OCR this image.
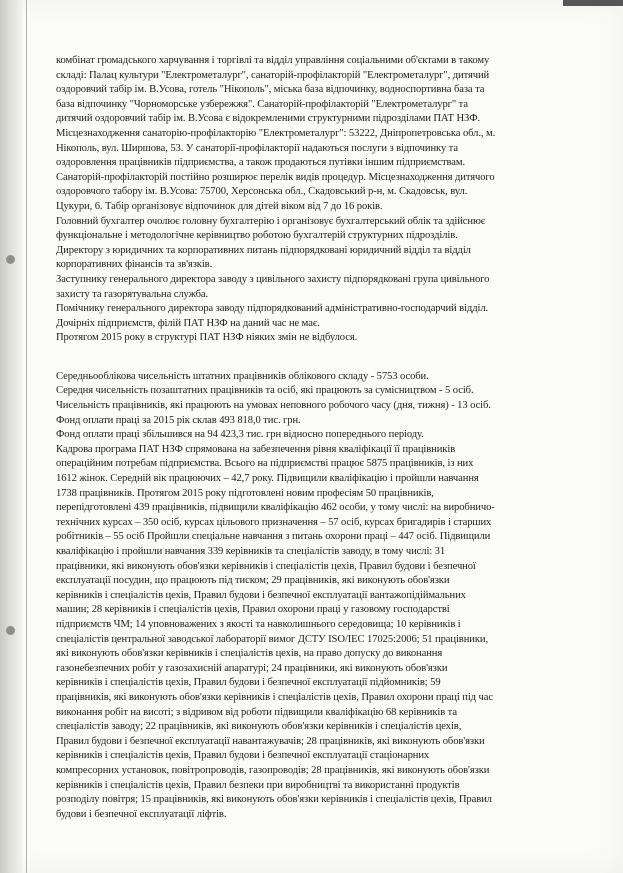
комбінат громадського харчування і торгівлі та відділ управління соціальними об'єктами в такому
складі: Палац культури "Електрометалург", санаторій-профілакторій "Електрометалург", дитячий
оздоровчий табір ім. В.Усова, готель "Нікополь", міська база відпочинку, водноспортивна база та
база відпочинку "Чорноморське узбережжя". Санаторій-профілакторій "Електрометалург" та
дитячий оздоровчий табір ім. В.Усова є відокремленими структурними підрозділами ПАТ НЗФ.
Місцезнаходження санаторію-профілакторію "Електрометалург": 53222, Дніпропетровська обл., м.
Нікополь, вул. Ширшова, 53. У санаторії-профілакторії надаються послуги з відпочинку та
оздоровлення працівників підприємства, а також продаються путівки іншим підприємствам.
Санаторій-профілакторій постійно розширює перелік видів процедур. Місцезнаходження дитячого
оздоровчого табору ім. В.Усова: 75700, Херсонська обл., Скадовський р-н, м. Скадовськ, вул.
Цукури, 6. Табір організовує відпочинок для дітей віком від 7 до 16 років.
Головний бухгалтер очолює головну бухгалтерію і організовує бухгалтерський облік та здійснює
функціональне і методологічне керівництво роботою бухгалтерій структурних підрозділів.
Директору з юридичних та корпоративних питань підпорядковані юридичний відділ та відділ
корпоративних фінансів та зв'язків.
Заступнику генерального директора заводу з цивільного захисту підпорядковані група цивільного
захисту та газорятувальна служба.
Помічнику генерального директора заводу підпорядкований адміністративно-господарчий відділ.
Дочірніх підприємств, філій ПАТ НЗФ на даний час не має.
Протягом 2015 року в структурі ПАТ НЗФ ніяких змін не відбулося.

Середньооблікова чисельність штатних працівників облікового складу - 5753 особи.
Середня чисельність позаштатних працівників та осіб, які працюють за сумісництвом - 5 осіб.
Чисельність працівників, які працюють на умовах неповного робочого часу (дня, тижня) - 13 осіб.
Фонд оплати праці за 2015 рік склав 493 818,0 тис. грн.
Фонд оплати праці збільшився на 94 423,3 тис. грн відносно попереднього періоду.
Кадрова програма ПАТ НЗФ спрямована на забезпечення рівня кваліфікації її працівників
операційним потребам підприємства. Всього на підприємстві працює 5875 працівників, із них
1612 жінок. Середній вік працюючих – 42,7 року. Підвищили кваліфікацію і пройшли навчання
1738 працівників. Протягом 2015 року підготовлені новим професіям 50 працівників,
перепідготовлені 439 працівників, підвищили кваліфікацію 462 особи, у тому числі: на виробничо-
технічних курсах – 350 осіб, курсах цільового призначення – 57 осіб, курсах бригадирів і старших
робітників – 55 осіб Пройшли спеціальне навчання з питань охорони праці – 447 осіб. Підвищили
кваліфікацію і пройшли навчання 339 керівників та спеціалістів заводу, в тому числі: 31
працівники, які виконують обов'язки керівників і спеціалістів цехів, Правил будови і безпечної
експлуатації посудин, що працюють під тиском; 29 працівників, які виконують обов'язки
керівників і спеціалістів цехів, Правил будови і безпечної експлуатації вантажопідіймальних
машин; 28 керівників і спеціалістів цехів, Правил охорони праці у газовому господарстві
підприємств ЧМ; 14 уповноважених з якості та навколишнього середовища; 10 керівників і
спеціалістів центральної заводської лабораторії вимог ДСТУ ISO/IEC 17025:2006; 51 працівники,
які виконують обов'язки керівників і спеціалістів цехів, на право допуску до виконання
газонебезпечних робіт у газозахисній апаратурі; 24 працівники, які виконують обов'язки
керівників і спеціалістів цехів, Правил будови і безпечної експлуатації підйомників; 59
працівників, які виконують обов'язки керівників і спеціалістів цехів, Правил охорони праці під час
виконання робіт на висоті; з відривом від роботи підвищили кваліфікацію 68 керівників та
спеціалістів заводу; 22 працівників, які виконують обов'язки керівників і спеціалістів цехів,
Правил будови і безпечної експлуатації навантажувачів; 28 працівників, які виконують обов'язки
керівників і спеціалістів цехів, Правил будови і безпечної експлуатації стаціонарних
компресорних установок, повітропроводів, газопроводів; 28 працівників, які виконують обов'язки
керівників і спеціалістів цехів, Правил безпеки при виробництві та використанні продуктів
розподілу повітря; 15 працівників, які виконують обов'язки керівників і спеціалістів цехів, Правил
будови і безпечної експлуатації ліфтів.
